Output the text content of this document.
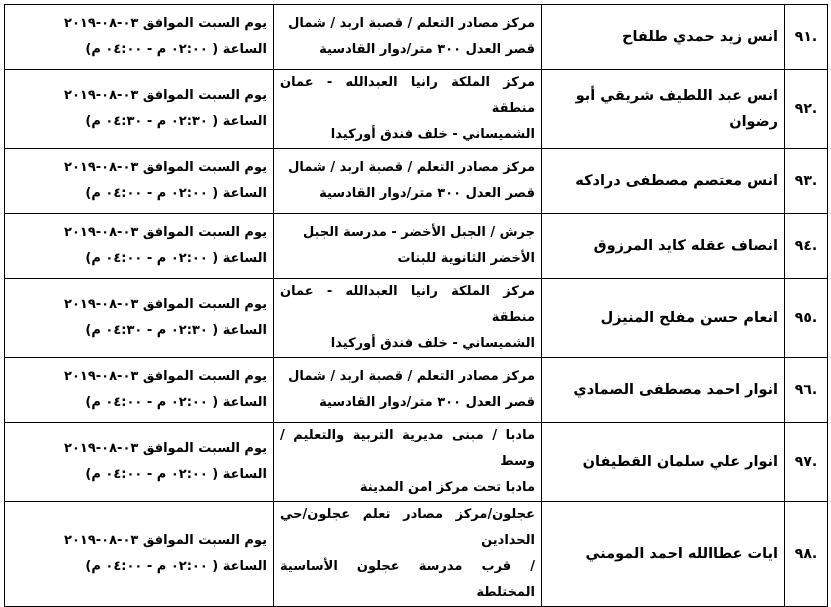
.٩١	انس زيد حمدي طلفاح	مركز مصادر التعلم / قصبة اربد / شمال
قصر العدل ٣٠٠ متر/دوار القادسية	يوم السبت الموافق ٠٣-٠٨-٢٠١٩
الساعة ( ٠٢:٠٠ م - ٠٤:٠٠ م)

.٩٢	انس عبد اللطيف شريقي أبو رضوان	مركز الملكة رانيا العبدالله - عمان منطقة
الشميساني - خلف فندق أوركيدا	يوم السبت الموافق ٠٣-٠٨-٢٠١٩
الساعة ( ٠٢:٣٠ م - ٠٤:٣٠ م)

.٩٣	انس معتصم مصطفى درادكه	مركز مصادر التعلم / قصبة اربد / شمال
قصر العدل ٣٠٠ متر/دوار القادسية	يوم السبت الموافق ٠٣-٠٨-٢٠١٩
الساعة ( ٠٢:٠٠ م - ٠٤:٠٠ م)

.٩٤	انصاف عقله كايد المرزوق	جرش / الجبل الأخضر - مدرسة الجبل
الأخضر الثانوية للبنات	يوم السبت الموافق ٠٣-٠٨-٢٠١٩
الساعة ( ٠٢:٠٠ م - ٠٤:٠٠ م)

.٩٥	انعام حسن مفلح المنيزل	مركز الملكة رانيا العبدالله - عمان منطقة
الشميساني - خلف فندق أوركيدا	يوم السبت الموافق ٠٣-٠٨-٢٠١٩
الساعة ( ٠٢:٣٠ م - ٠٤:٣٠ م)

.٩٦	انوار احمد مصطفى الصمادي	مركز مصادر التعلم / قصبة اربد / شمال
قصر العدل ٣٠٠ متر/دوار القادسية	يوم السبت الموافق ٠٣-٠٨-٢٠١٩
الساعة ( ٠٢:٠٠ م - ٠٤:٠٠ م)

.٩٧	انوار علي سلمان القطيفان	مادبا / مبنى مديرية التربية والتعليم /وسط
مادبا تحت مركز امن المدينة	يوم السبت الموافق ٠٣-٠٨-٢٠١٩
الساعة ( ٠٢:٠٠ م - ٠٤:٠٠ م)

.٩٨	ايات عطاالله احمد المومني	عجلون/مركز مصادر تعلم عجلون/حي الحدادين
/ قرب مدرسة عجلون الأساسية المختلطة	يوم السبت الموافق ٠٣-٠٨-٢٠١٩
الساعة ( ٠٢:٠٠ م - ٠٤:٠٠ م)
